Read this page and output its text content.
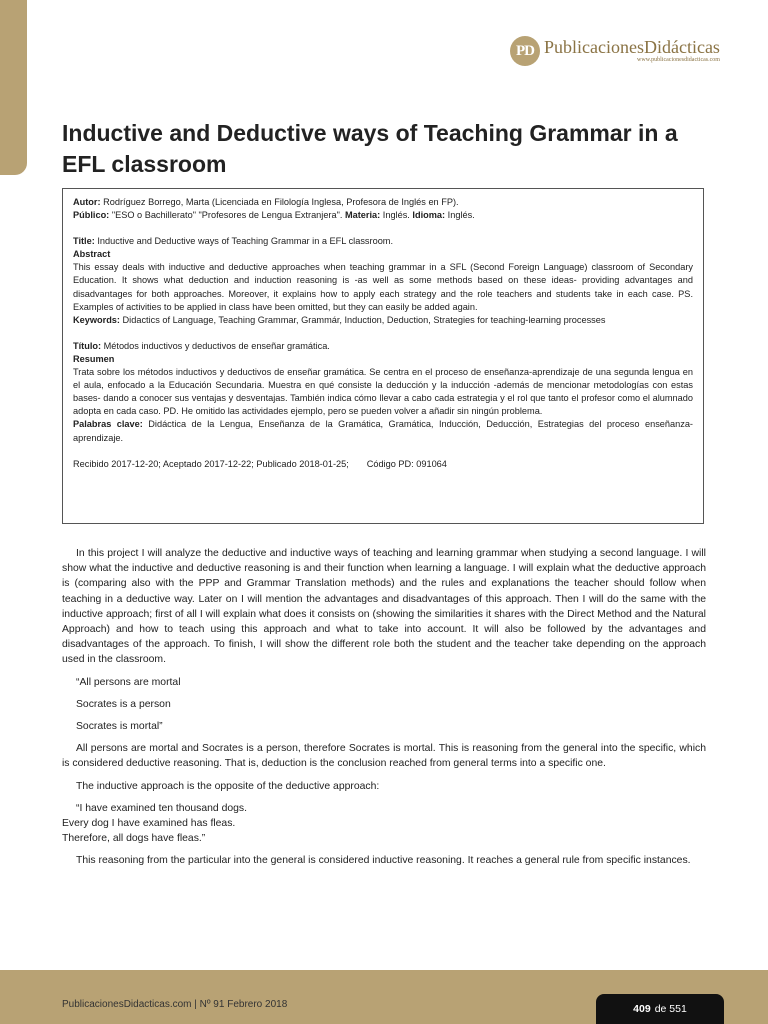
PD PublicacionesDidácticas
www.publicacionesdidacticas.com
Inductive and Deductive ways of Teaching Grammar in a EFL classroom

Autor: Rodríguez Borrego, Marta (Licenciada en Filología Inglesa, Profesora de Inglés en FP).

Público: "ESO o Bachillerato" "Profesores de Lengua Extranjera". Materia: Inglés. Idioma: Inglés.

Title: Inductive and Deductive ways of Teaching Grammar in a EFL classroom.

Abstract

This essay deals with inductive and deductive approaches when teaching grammar in a SFL (Second Foreign Language) classroom of Secondary Education. It shows what deduction and induction reasoning is -as well as some methods based on these ideas- providing advantages and disadvantages for both approaches. Moreover, it explains how to apply each strategy and the role teachers and students take in each case. PS. Examples of activities to be applied in class have been omitted, but they can easily be added again.

Keywords: Didactics of Language, Teaching Grammar, Grammár, Induction, Deduction, Strategies for teaching-learning processes

Título: Métodos inductivos y deductivos de enseñar gramática.

Resumen

Trata sobre los métodos inductivos y deductivos de enseñar gramática. Se centra en el proceso de enseñanza-aprendizaje de una segunda lengua en el aula, enfocado a la Educación Secundaria. Muestra en qué consiste la deducción y la inducción -además de mencionar metodologías con estas bases- dando a conocer sus ventajas y desventajas. También indica cómo llevar a cabo cada estrategia y el rol que tanto el profesor como el alumnado adopta en cada caso. PD. He omitido las actividades ejemplo, pero se pueden volver a añadir sin ningún problema.

Palabras clave: Didáctica de la Lengua, Enseñanza de la Gramática, Gramática, Inducción, Deducción, Estrategias del proceso enseñanza-aprendizaje.

Recibido 2017-12-20; Aceptado 2017-12-22; Publicado 2018-01-25; Código PD: 091064

In this project I will analyze the deductive and inductive ways of teaching and learning grammar when studying a second language. I will show what the inductive and deductive reasoning is and their function when learning a language. I will explain what the deductive approach is (comparing also with the PPP and Grammar Translation methods) and the rules and explanations the teacher should follow when teaching in a deductive way. Later on I will mention the advantages and disadvantages of this approach. Then I will do the same with the inductive approach; first of all I will explain what does it consists on (showing the similarities it shares with the Direct Method and the Natural Approach) and how to teach using this approach and what to take into account. It will also be followed by the advantages and disadvantages of the approach. To finish, I will show the different role both the student and the teacher take depending on the approach used in the classroom.

“All persons are mortal

Socrates is a person

Socrates is mortal”

All persons are mortal and Socrates is a person, therefore Socrates is mortal. This is reasoning from the general into the specific, which is considered deductive reasoning. That is, deduction is the conclusion reached from general terms into a specific one.

The inductive approach is the opposite of the deductive approach:

“I have examined ten thousand dogs.

Every dog I have examined has fleas.

Therefore, all dogs have fleas.”

This reasoning from the particular into the general is considered inductive reasoning. It reaches a general rule from specific instances.

PublicacionesDidacticas.com | Nº 91 Febrero 2018	409 de 551
